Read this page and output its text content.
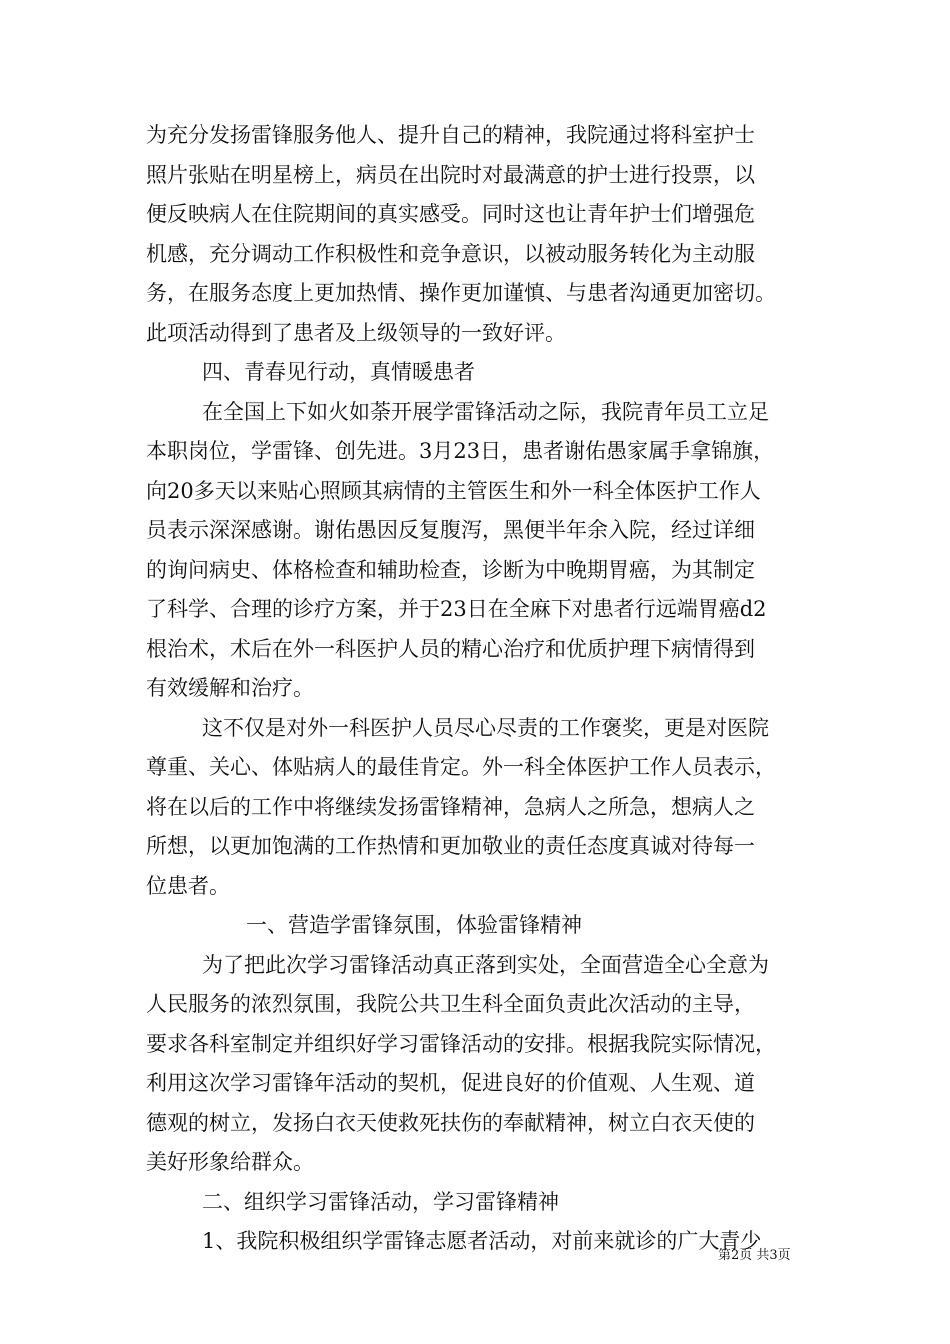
为充分发扬雷锋服务他人、提升自己的精神，我院通过将科室护士
照片张贴在明星榜上，病员在出院时对最满意的护士进行投票，以
便反映病人在住院期间的真实感受。同时这也让青年护士们增强危
机感，充分调动工作积极性和竞争意识，以被动服务转化为主动服
务，在服务态度上更加热情、操作更加谨慎、与患者沟通更加密切。
此项活动得到了患者及上级领导的一致好评。
四、青春见行动，真情暖患者
在全国上下如火如荼开展学雷锋活动之际，我院青年员工立足
本职岗位，学雷锋、创先进。3月23日，患者谢佑愚家属手拿锦旗，
向20多天以来贴心照顾其病情的主管医生和外一科全体医护工作人
员表示深深感谢。谢佑愚因反复腹泻，黑便半年余入院，经过详细
的询问病史、体格检查和辅助检查，诊断为中晚期胃癌，为其制定
了科学、合理的诊疗方案，并于23日在全麻下对患者行远端胃癌d2
根治术，术后在外一科医护人员的精心治疗和优质护理下病情得到
有效缓解和治疗。
这不仅是对外一科医护人员尽心尽责的工作褒奖，更是对医院
尊重、关心、体贴病人的最佳肯定。外一科全体医护工作人员表示，
将在以后的工作中将继续发扬雷锋精神，急病人之所急，想病人之
所想，以更加饱满的工作热情和更加敬业的责任态度真诚对待每一
位患者。
一、营造学雷锋氛围，体验雷锋精神
为了把此次学习雷锋活动真正落到实处，全面营造全心全意为
人民服务的浓烈氛围，我院公共卫生科全面负责此次活动的主导，
要求各科室制定并组织好学习雷锋活动的安排。根据我院实际情况，
利用这次学习雷锋年活动的契机，促进良好的价值观、人生观、道
德观的树立，发扬白衣天使救死扶伤的奉献精神，树立白衣天使的
美好形象给群众。
二、组织学习雷锋活动，学习雷锋精神
1、我院积极组织学雷锋志愿者活动，对前来就诊的广大青少
第2页 共3页
